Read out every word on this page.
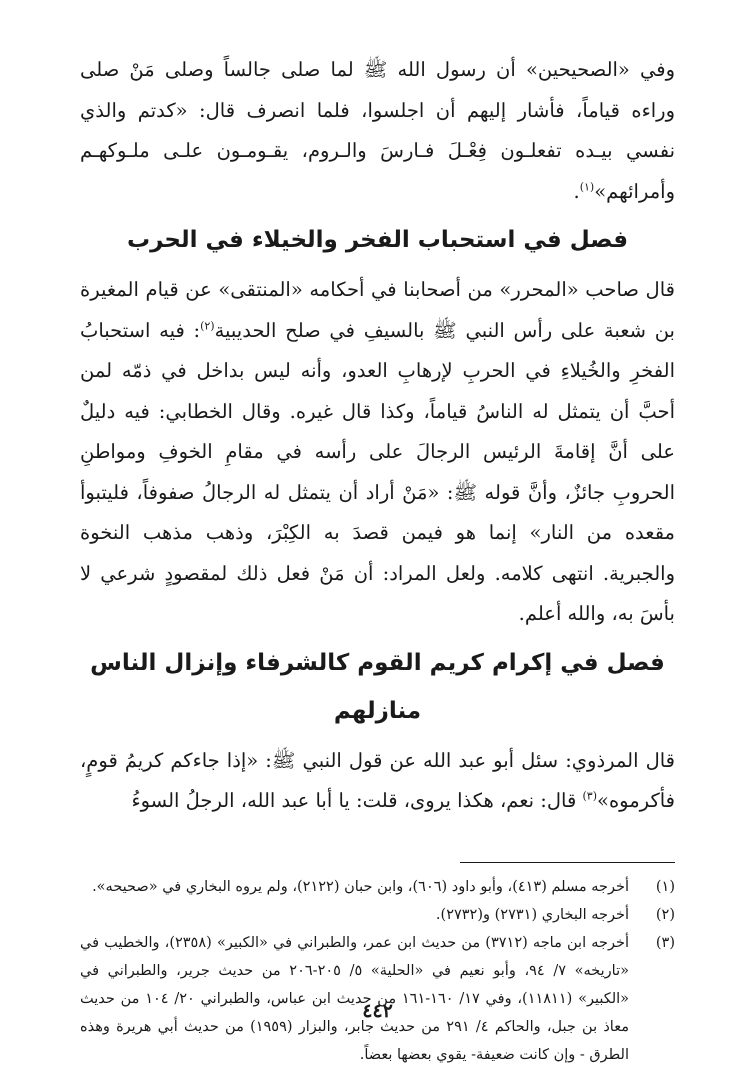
وفي «الصحيحين» أن رسول الله ﷺ لما صلى جالساً وصلى مَنْ صلى وراءه قياماً، فأشار إليهم أن اجلسوا، فلما انصرف قال: «كدتم والذي نفسي بيـده تفعلـون فِعْـلَ فـارسَ والـروم، يقـومـون علـى ملـوكهـم وأمرائهم»$^{(١)}$.

فصل في استحباب الفخر والخيلاء في الحرب

قال صاحب «المحرر» من أصحابنا في أحكامه «المنتقى» عن قيام المغيرة بن شعبة على رأس النبي ﷺ بالسيفِ في صلح الحديبية$^{(٢)}$: فيه استحبابُ الفخرِ والخُيلاءِ في الحربِ لإرهابِ العدو، وأنه ليس بداخل في ذمّه لمن أحبَّ أن يتمثل له الناسُ قياماً، وكذا قال غيره. وقال الخطابي: فيه دليلٌ على أنَّ إقامةَ الرئيس الرجالَ على رأسه في مقامِ الخوفِ ومواطنِ الحروبِ جائزٌ، وأنَّ قوله ﷺ: «مَنْ أراد أن يتمثل له الرجالُ صفوفاً، فليتبوأ مقعده من النار» إنما هو فيمن قصدَ به الكِبْرَ، وذهب مذهب النخوة والجبرية. انتهى كلامه. ولعل المراد: أن مَنْ فعل ذلك لمقصودٍ شرعي لا بأسَ به، والله أعلم.

فصل في إكرام كريم القوم كالشرفاء وإنزال الناس منازلهم

قال المرذوي: سئل أبو عبد الله عن قول النبي ﷺ: «إذا جاءكم كريمُ قومٍ، فأكرموه»$^{(٣)}$ قال: نعم، هكذا يروى، قلت: يا أبا عبد الله، الرجلُ السوءُ

(١)
أخرجه مسلم (٤١٣)، وأبو داود (٦٠٦)، وابن حبان (٢١٢٢)، ولم يروه البخاري في «صحيحه».
(٢)
أخرجه البخاري (٢٧٣١) و(٢٧٣٢).
(٣)
أخرجه ابن ماجه (٣٧١٢) من حديث ابن عمر، والطبراني في «الكبير» (٢٣٥٨)، والخطيب في «تاريخه» ٧/ ٩٤، وأبو نعيم في «الحلية» ٥/ ٢٠٥-٢٠٦ من حديث جرير، والطبراني في «الكبير» (١١٨١١)، وفي ١٧/ ١٦٠-١٦١ من حديث ابن عباس، والطبراني ٢٠/ ١٠٤ من حديث معاذ بن جبل، والحاكم ٤/ ٢٩١ من حديث جابر، والبزار (١٩٥٩) من حديث أبي هريرة وهذه الطرق - وإن كانت ضعيفة- يقوي بعضها بعضاً.
٤٤٢
